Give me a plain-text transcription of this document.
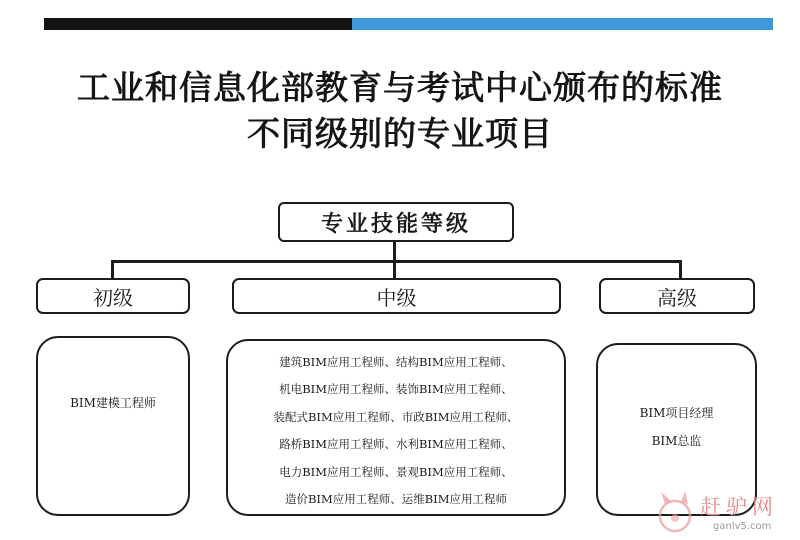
工业和信息化部教育与考试中心颁布的标准
不同级别的专业项目
专业技能等级
初级	中级	高级
BIM建模工程师
建筑BIM应用工程师、结构BIM应用工程师、
机电BIM应用工程师、装饰BIM应用工程师、
装配式BIM应用工程师、市政BIM应用工程师、
路桥BIM应用工程师、水利BIM应用工程师、
电力BIM应用工程师、景观BIM应用工程师、
造价BIM应用工程师、运维BIM应用工程师
BIM项目经理
BIM总监
赶驴网
ganlv5.com
